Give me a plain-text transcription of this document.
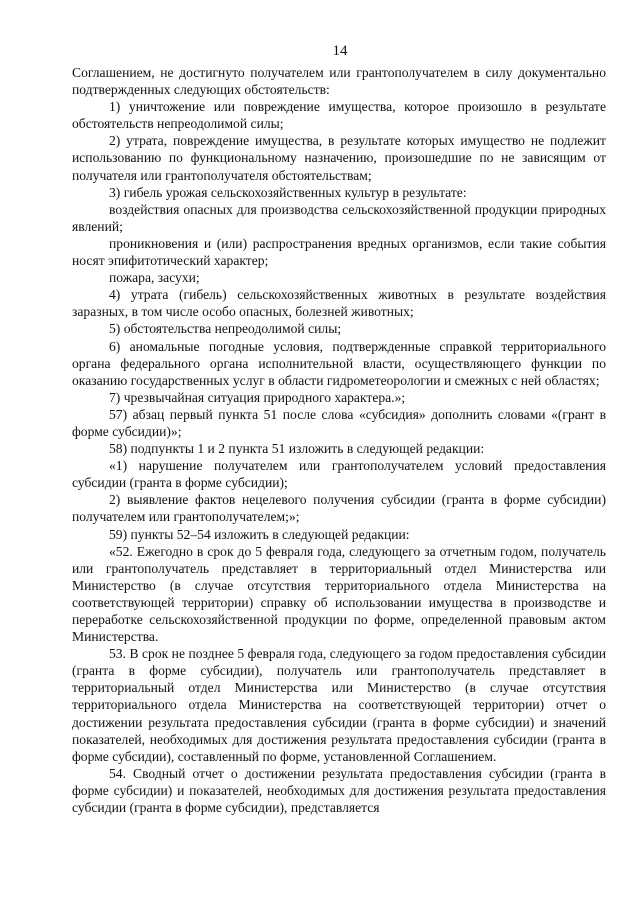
14

Соглашением, не достигнуто получателем или грантополучателем в силу документально подтвержденных следующих обстоятельств:

1) уничтожение или повреждение имущества, которое произошло в результате обстоятельств непреодолимой силы;

2) утрата, повреждение имущества, в результате которых имущество не подлежит использованию по функциональному назначению, произошедшие по не зависящим от получателя или грантополучателя обстоятельствам;

3) гибель урожая сельскохозяйственных культур в результате:

воздействия опасных для производства сельскохозяйственной продукции природных явлений;

проникновения и (или) распространения вредных организмов, если такие события носят эпифитотический характер;

пожара, засухи;

4) утрата (гибель) сельскохозяйственных животных в результате воздействия заразных, в том числе особо опасных, болезней животных;

5) обстоятельства непреодолимой силы;

6) аномальные погодные условия, подтвержденные справкой территориального органа федерального органа исполнительной власти, осуществляющего функции по оказанию государственных услуг в области гидрометеорологии и смежных с ней областях;

7) чрезвычайная ситуация природного характера.»;

57) абзац первый пункта 51 после слова «субсидия» дополнить словами «(грант в форме субсидии)»;

58) подпункты 1 и 2 пункта 51 изложить в следующей редакции:

«1) нарушение получателем или грантополучателем условий предоставления субсидии (гранта в форме субсидии);

2) выявление фактов нецелевого получения субсидии (гранта в форме субсидии) получателем или грантополучателем;»;

59) пункты 52–54 изложить в следующей редакции:

«52. Ежегодно в срок до 5 февраля года, следующего за отчетным годом, получатель или грантополучатель представляет в территориальный отдел Министерства или Министерство (в случае отсутствия территориального отдела Министерства на соответствующей территории) справку об использовании имущества в производстве и переработке сельскохозяйственной продукции по форме, определенной правовым актом Министерства.

53. В срок не позднее 5 февраля года, следующего за годом предоставления субсидии (гранта в форме субсидии), получатель или грантополучатель представляет в территориальный отдел Министерства или Министерство (в случае отсутствия территориального отдела Министерства на соответствующей территории) отчет о достижении результата предоставления субсидии (гранта в форме субсидии) и значений показателей, необходимых для достижения результата предоставления субсидии (гранта в форме субсидии), составленный по форме, установленной Соглашением.

54. Сводный отчет о достижении результата предоставления субсидии (гранта в форме субсидии) и показателей, необходимых для достижения результата предоставления субсидии (гранта в форме субсидии), представляется
